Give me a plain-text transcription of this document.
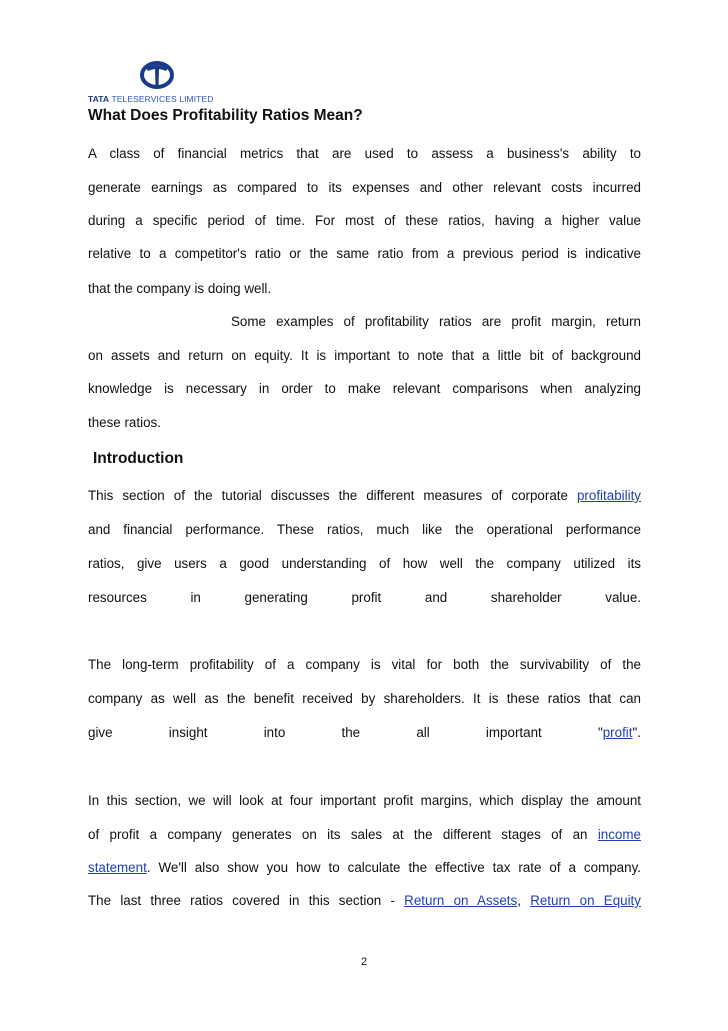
TATA TELESERVICES LIMITED
What Does Profitability Ratios Mean?
A class of financial metrics that are used to assess a business's ability to
generate earnings as compared to its expenses and other relevant costs incurred
during a specific period of time. For most of these ratios, having a higher value
relative to a competitor's ratio or the same ratio from a previous period is indicative
that the company is doing well.
Some examples of profitability ratios are profit margin, return
on assets and return on equity. It is important to note that a little bit of background
knowledge is necessary in order to make relevant comparisons when analyzing
these ratios.
Introduction
This section of the tutorial discusses the different measures of corporate profitability
and financial performance. These ratios, much like the operational performance
ratios, give users a good understanding of how well the company utilized its
resources in generating profit and shareholder value.
The long-term profitability of a company is vital for both the survivability of the
company as well as the benefit received by shareholders. It is these ratios that can
give insight into the all important	"profit".
In this section, we will look at four important profit margins, which display the amount
of profit a company generates on its sales at the different stages of an income
statement. We'll also show you how to calculate the effective tax rate of a company.
The last three ratios covered in this section - Return on Assets, Return on Equity
2
